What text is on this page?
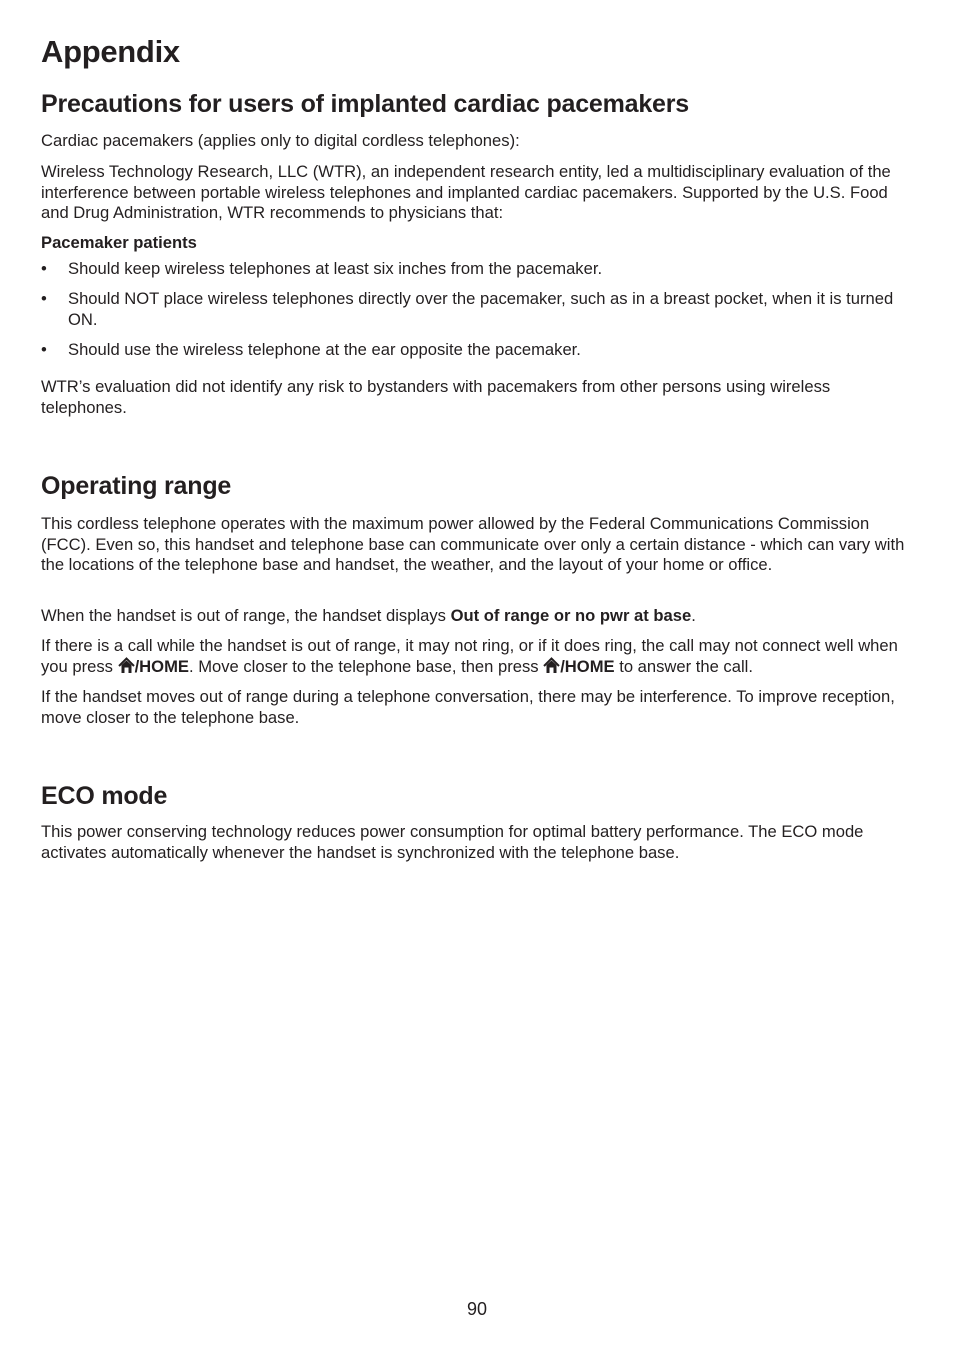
Appendix
Precautions for users of implanted cardiac pacemakers

Cardiac pacemakers (applies only to digital cordless telephones):

Wireless Technology Research, LLC (WTR), an independent research entity, led a multidisciplinary evaluation of the interference between portable wireless telephones and implanted cardiac pacemakers. Supported by the U.S. Food and Drug Administration, WTR recommends to physicians that:

Pacemaker patients

• Should keep wireless telephones at least six inches from the pacemaker.
• Should NOT place wireless telephones directly over the pacemaker, such as in a breast pocket, when it is turned ON.
• Should use the wireless telephone at the ear opposite the pacemaker.

WTR’s evaluation did not identify any risk to bystanders with pacemakers from other persons using wireless telephones.

Operating range

This cordless telephone operates with the maximum power allowed by the Federal Communications Commission (FCC). Even so, this handset and telephone base can communicate over only a certain distance - which can vary with the locations of the telephone base and handset, the weather, and the layout of your home or office.

When the handset is out of range, the handset displays Out of range or no pwr at base.

If there is a call while the handset is out of range, it may not ring, or if it does ring, the call may not connect well when you press /HOME. Move closer to the telephone base, then press /HOME to answer the call.

If the handset moves out of range during a telephone conversation, there may be interference. To improve reception, move closer to the telephone base.

ECO mode

This power conserving technology reduces power consumption for optimal battery performance. The ECO mode activates automatically whenever the handset is synchronized with the telephone base.

90
